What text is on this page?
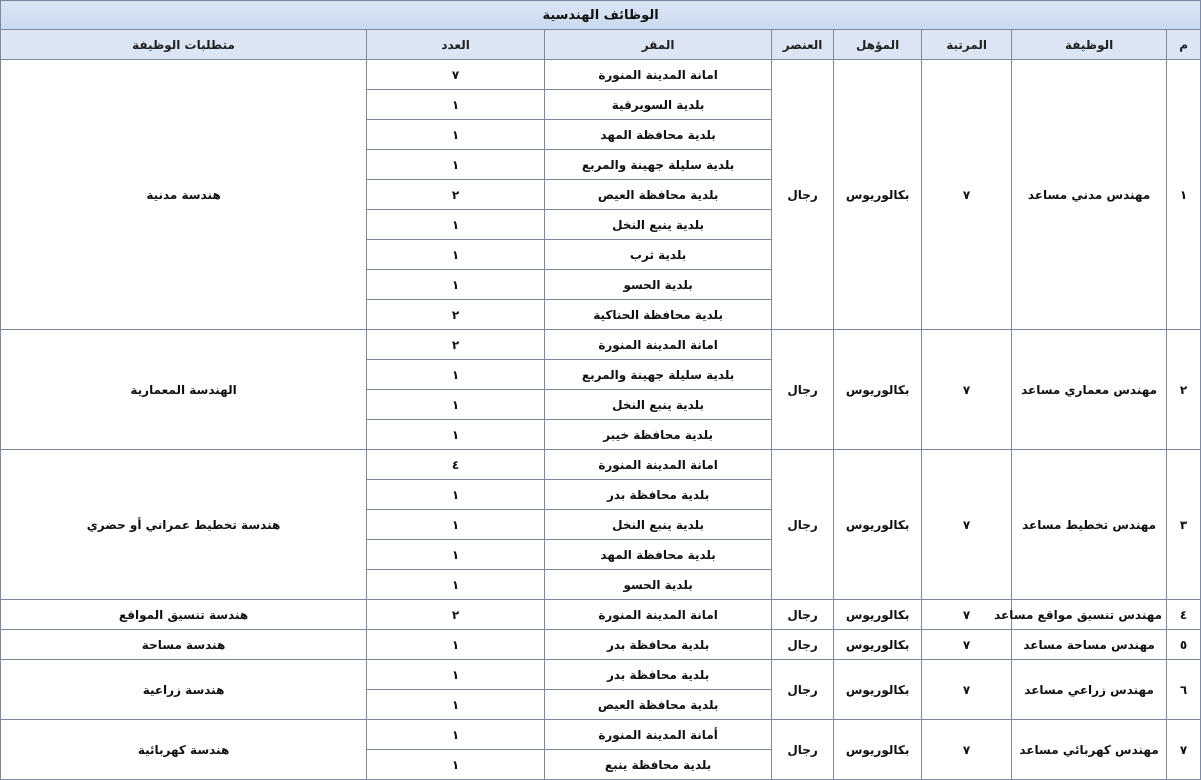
الوظائف الهندسية							
م	الوظيفة	المرتبة	المؤهل	العنصر	المقر	العدد	متطلبات الوظيفة
١	مهندس مدني مساعد	٧	بكالوريوس	رجال	امانة المدينة المنورة	٧	هندسة مدنية
					بلدية السويرقية	١	
					بلدية محافظة المهد	١	
					بلدية سليلة جهينة والمربع	١	
					بلدية محافظة العيص	٢	
					بلدية ينبع النخل	١	
					بلدية ثرب	١	
					بلدية الحسو	١	
					بلدية محافظة الحناكية	٢	
٢	مهندس معماري مساعد	٧	بكالوريوس	رجال	امانة المدينة المنورة	٢	الهندسة المعمارية
					بلدية سليلة جهينة والمربع	١	
					بلدية ينبع النخل	١	
					بلدية محافظة خيبر	١	
٣	مهندس تخطيط مساعد	٧	بكالوريوس	رجال	امانة المدينة المنورة	٤	هندسة تخطيط عمراني أو حضري
					بلدية محافظة بدر	١	
					بلدية ينبع النخل	١	
					بلدية محافظة المهد	١	
					بلدية الحسو	١	
٤	مهندس تنسيق مواقع مساعد	٧	بكالوريوس	رجال	امانة المدينة المنورة	٢	هندسة تنسيق المواقع
٥	مهندس مساحة مساعد	٧	بكالوريوس	رجال	بلدية محافظة بدر	١	هندسة مساحة
٦	مهندس زراعي مساعد	٧	بكالوريوس	رجال	بلدية محافظة بدر	١	هندسة زراعية
					بلدية محافظة العيص	١	
٧	مهندس كهربائي مساعد	٧	بكالوريوس	رجال	أمانة المدينة المنورة	١	هندسة كهربائية
					بلدية محافظة ينبع	١	
